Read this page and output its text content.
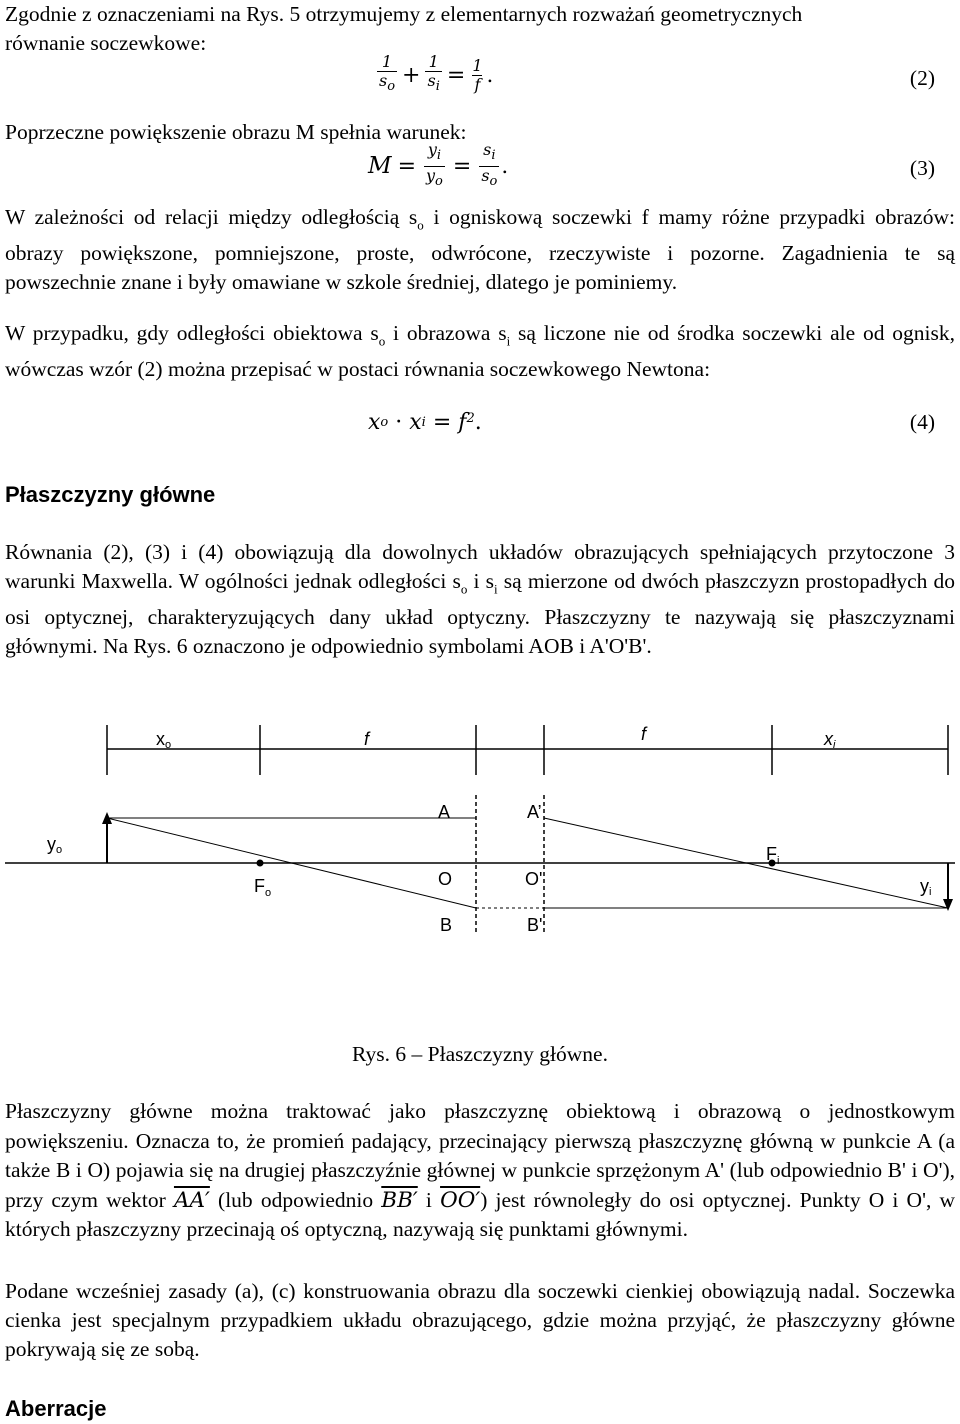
Zgodnie z oznaczeniami na Rys. 5 otrzymujemy z elementarnych rozważań geometrycznych
równanie soczewkowe:
$\frac{1}{s_o} + \frac{1}{s_i} = \frac{1}{f}$ .	(2)
Poprzeczne powiększenie obrazu M spełnia warunek:
$M = \frac{y_i}{y_o} = \frac{s_i}{s_o}$ .	(3)

W zależności od relacji między odległością $s_o$ i ogniskową soczewki f mamy różne przypadki obrazów: obrazy powiększone, pomniejszone, proste, odwrócone, rzeczywiste i pozorne. Zagadnienia te są powszechnie znane i były omawiane w szkole średniej, dlatego je pominiemy.

W przypadku, gdy odległości obiektowa $s_o$ i obrazowa $s_i$ są liczone nie od środka soczewki ale od ognisk, wówczas wzór (2) można przepisać w postaci równania soczewkowego Newtona:

x o · x $i = f^2$ .	(4)
Płaszczyzny główne

Równania (2), (3) i (4) obowiązują dla dowolnych układów obrazujących spełniających przytoczone 3 warunki Maxwella. W ogólności jednak odległości $s_o$ i $s_i$ są mierzone od dwóch płaszczyzn prostopadłych do osi optycznej, charakteryzujących dany układ optyczny. Płaszczyzny te nazywają się płaszczyznami głównymi. Na Rys. 6 oznaczono je odpowiednio symbolami AOB i A'O'B'.

xo	f	f	xi
A	A’
yo	$F_i$
$F_o$
O	O'	yi
B	B'
Rys. 6 – Płaszczyzny główne.

Płaszczyzny główne można traktować jako płaszczyznę obiektową i obrazową o jednostkowym powiększeniu. Oznacza to, że promień padający, przecinający pierwszą płaszczyznę główną w punkcie A (a także B i O) pojawia się na drugiej płaszczyźnie głównej w punkcie sprzężonym A' (lub odpowiednio B' i O'), przy czym wektor AA′ (lub odpowiednio BB′ i OO′) jest równoległy do osi optycznej. Punkty O i O', w których płaszczyzny przecinają oś optyczną, nazywają się punktami głównymi.

Podane wcześniej zasady (a), (c) konstruowania obrazu dla soczewki cienkiej obowiązują nadal. Soczewka cienka jest specjalnym przypadkiem układu obrazującego, gdzie można przyjąć, że płaszczyzny główne pokrywają się ze sobą.

Aberracje
